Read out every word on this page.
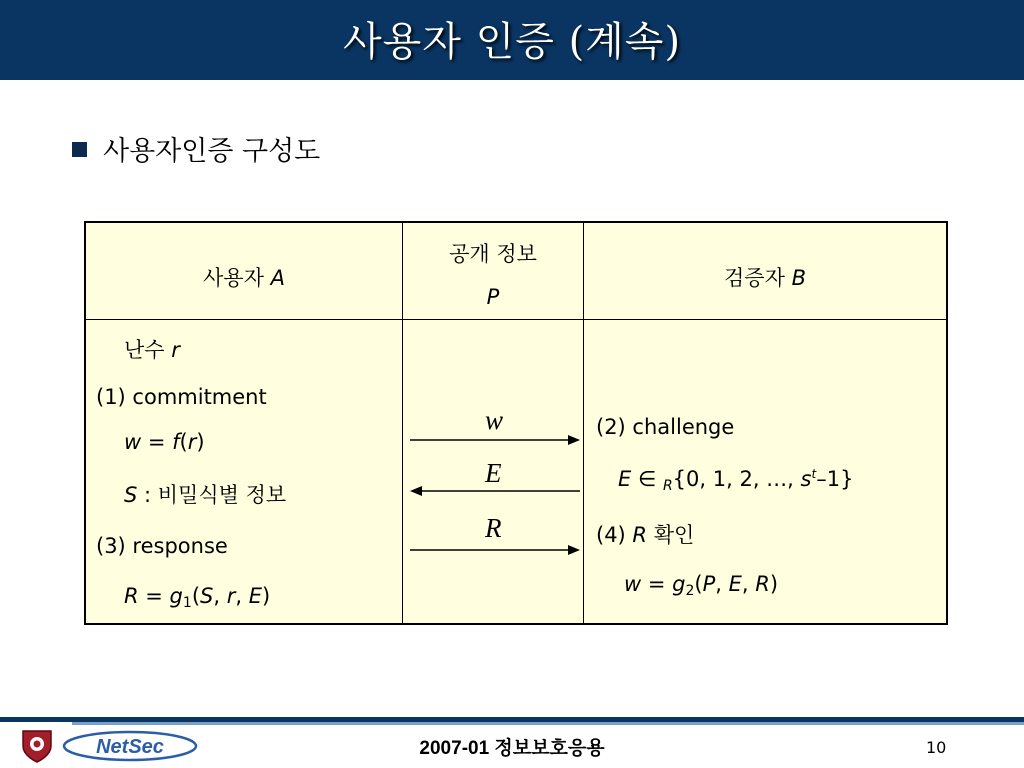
사용자 인증 (계속)
사용자인증 구성도
사용자 A
공개 정보
P
검증자 B
난수 r
(1) commitment
w = f(r)
S : 비밀식별 정보
(3) response
$R = g_1(S$, r, E)
(2) challenge
E ∈ $_R${0, 1, 2, …, $s^t-1$}
(4) R 확인
$w = g_2(P$, E, R)
w
E
R
NetSec	2007-01 정보보호응용	10
